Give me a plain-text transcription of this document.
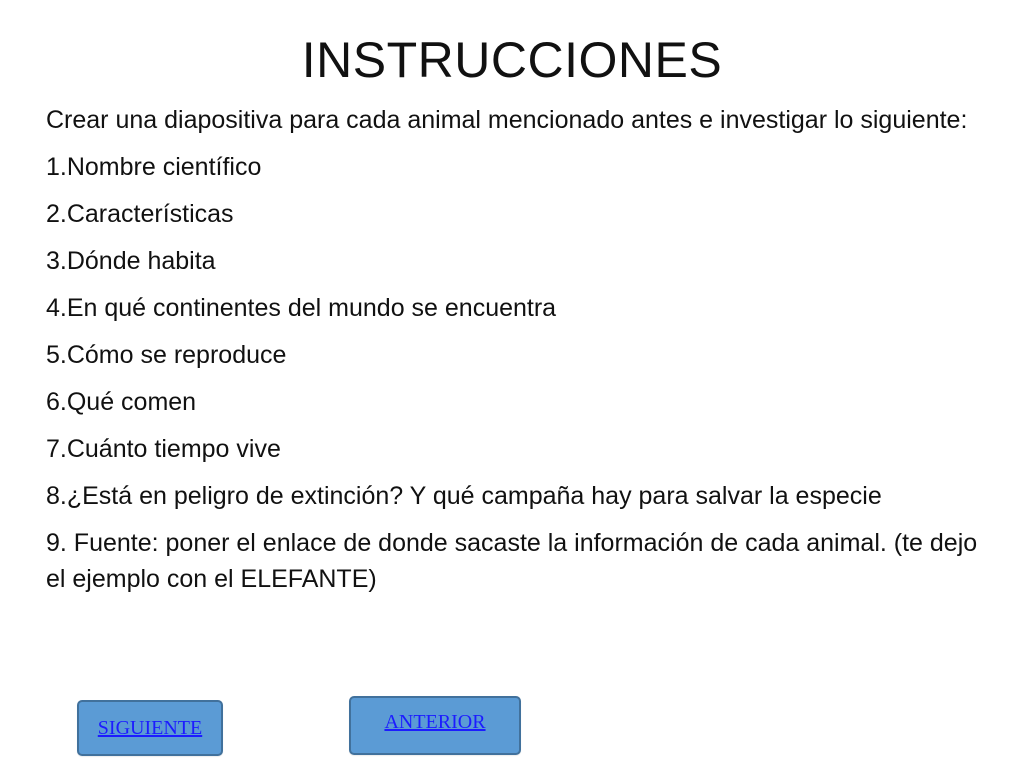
INSTRUCCIONES
Crear una diapositiva para cada animal mencionado antes e investigar lo siguiente:
1.Nombre científico
2.Características
3.Dónde habita
4.En qué continentes del mundo se encuentra
5.Cómo se reproduce
6.Qué comen
7.Cuánto tiempo vive
8.¿Está en peligro de extinción? Y qué campaña hay para salvar la especie
9. Fuente: poner el enlace de donde sacaste la información de cada animal. (te dejo el ejemplo con el ELEFANTE)
SIGUIENTE	ANTERIOR
